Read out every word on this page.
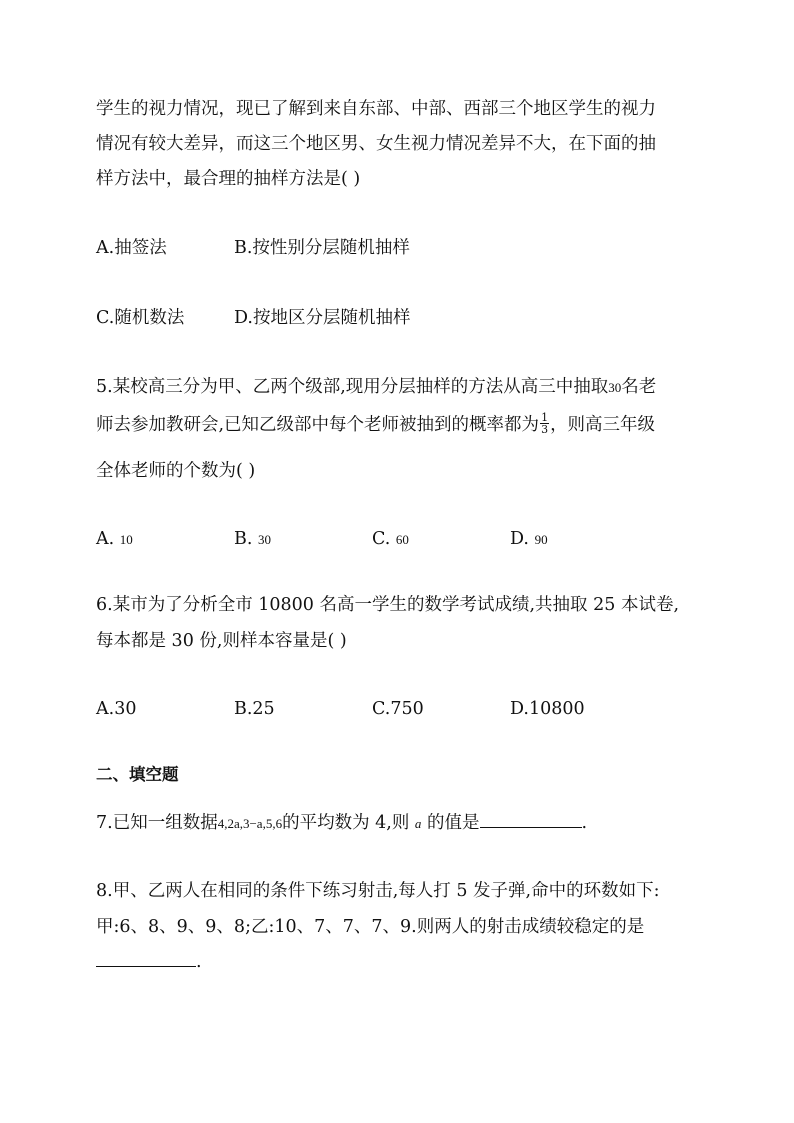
学生的视力情况，现已了解到来自东部、中部、西部三个地区学生的视力
情况有较大差异，而这三个地区男、女生视力情况差异不大，在下面的抽
样方法中，最合理的抽样方法是( )
A.抽签法	B.按性别分层随机抽样
C.随机数法	D.按地区分层随机抽样
5.某校高三分为甲、乙两个级部,现用分层抽样的方法从高三中抽取30名老
师去参加教研会,已知乙级部中每个老师被抽到的概率都为 $\frac{1}{3}$ ，则高三年级
全体老师的个数为( )
A. 10	B. 30	C. 60	D. 90
6.某市为了分析全市 10800 名高一学生的数学考试成绩,共抽取 25 本试卷,
每本都是 30 份,则样本容量是( )
A.30	B.25	C.750	D.10800
二、填空题
7.已知一组数据4,2a,3−a,5,6的平均数为 4,则 a 的值是	.
8.甲、乙两人在相同的条件下练习射击,每人打 5 发子弹,命中的环数如下:
甲:6、8、9、9、8;乙:10、7、7、7、9.则两人的射击成绩较稳定的是
.
